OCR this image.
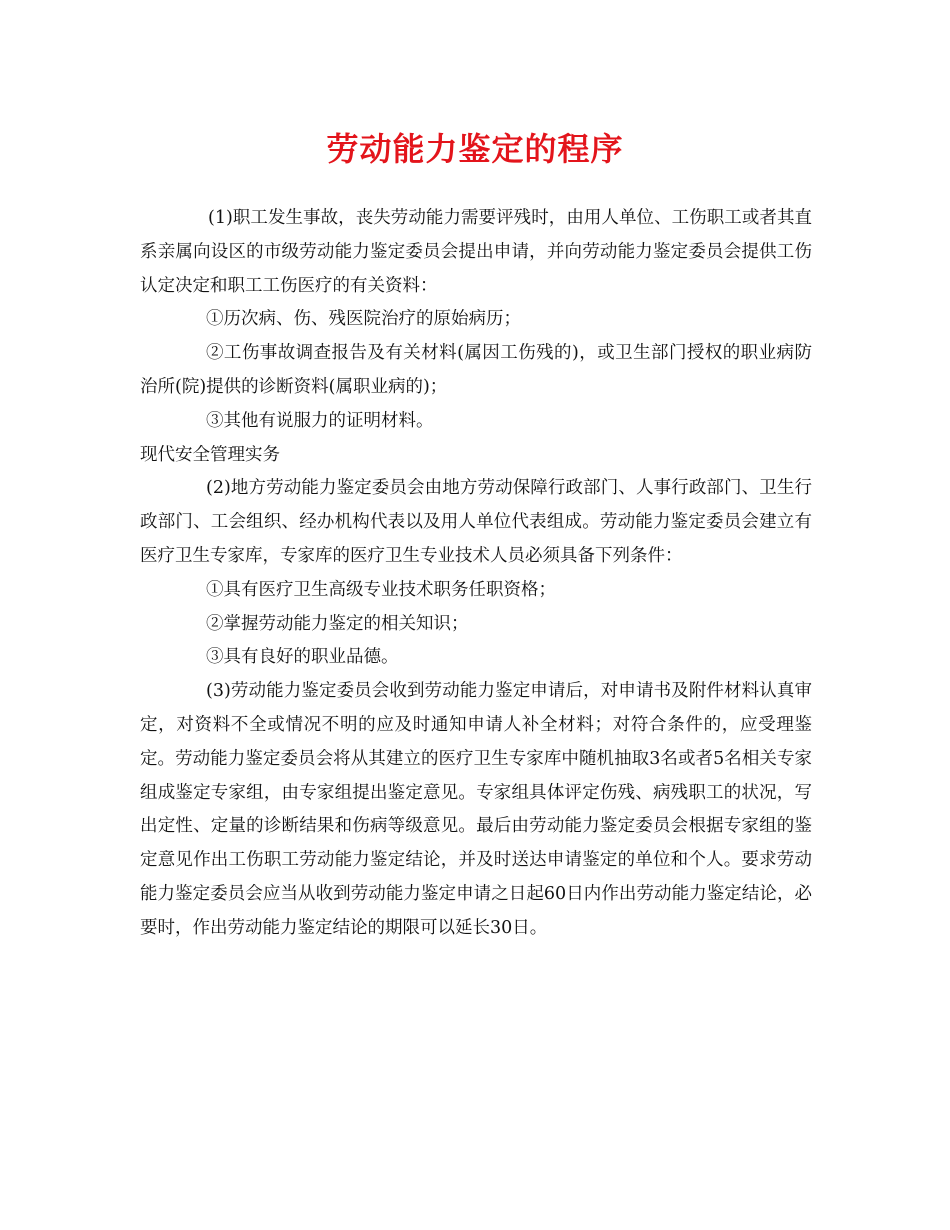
劳动能力鉴定的程序

(1)职工发生事故，丧失劳动能力需要评残时，由用人单位、工伤职工或者其直系亲属向设区的市级劳动能力鉴定委员会提出申请，并向劳动能力鉴定委员会提供工伤认定决定和职工工伤医疗的有关资料：

①历次病、伤、残医院治疗的原始病历；

②工伤事故调查报告及有关材料(属因工伤残的)，或卫生部门授权的职业病防治所(院)提供的诊断资料(属职业病的)；

③其他有说服力的证明材料。

现代安全管理实务

(2)地方劳动能力鉴定委员会由地方劳动保障行政部门、人事行政部门、卫生行政部门、工会组织、经办机构代表以及用人单位代表组成。劳动能力鉴定委员会建立有医疗卫生专家库，专家库的医疗卫生专业技术人员必须具备下列条件：

①具有医疗卫生高级专业技术职务任职资格；

②掌握劳动能力鉴定的相关知识；

③具有良好的职业品德。

(3)劳动能力鉴定委员会收到劳动能力鉴定申请后，对申请书及附件材料认真审定，对资料不全或情况不明的应及时通知申请人补全材料；对符合条件的，应受理鉴定。劳动能力鉴定委员会将从其建立的医疗卫生专家库中随机抽取3名或者5名相关专家组成鉴定专家组，由专家组提出鉴定意见。专家组具体评定伤残、病残职工的状况，写出定性、定量的诊断结果和伤病等级意见。最后由劳动能力鉴定委员会根据专家组的鉴定意见作出工伤职工劳动能力鉴定结论，并及时送达申请鉴定的单位和个人。要求劳动能力鉴定委员会应当从收到劳动能力鉴定申请之日起60日内作出劳动能力鉴定结论，必要时，作出劳动能力鉴定结论的期限可以延长30日。
